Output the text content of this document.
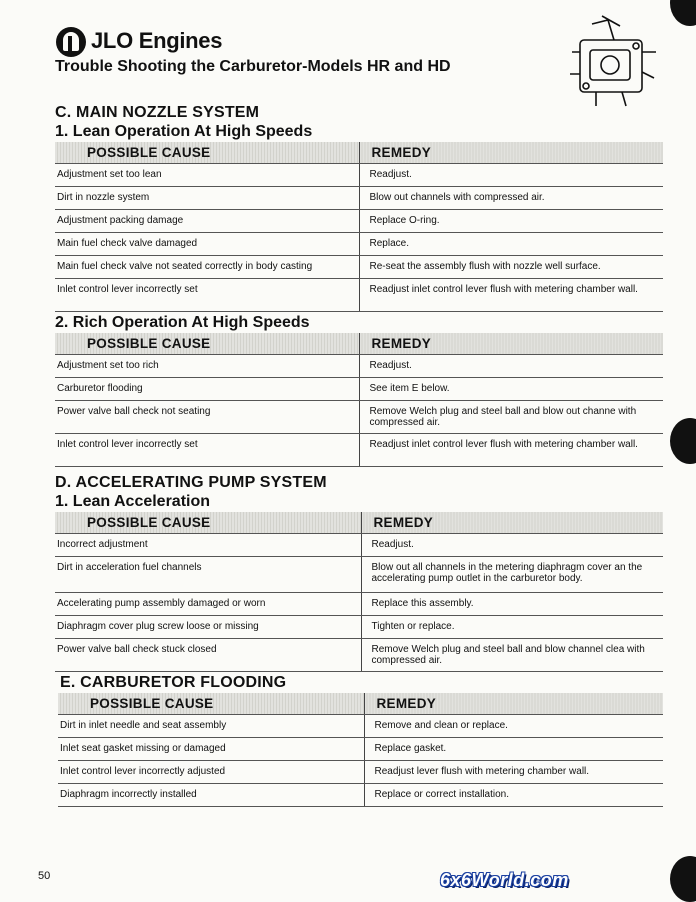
JLO Engines
Trouble Shooting the Carburetor-Models HR and HD
C. MAIN NOZZLE SYSTEM
1. Lean Operation At High Speeds
POSSIBLE CAUSE	REMEDY
Adjustment set too lean	Readjust.
Dirt in nozzle system	Blow out channels with compressed air.
Adjustment packing damage	Replace O-ring.
Main fuel check valve damaged	Replace.
Main fuel check valve not seated correctly in body casting	Re-seat the assembly flush with nozzle well surface.
Inlet control lever incorrectly set	Readjust inlet control lever flush with metering chamber wall.
2. Rich Operation At High Speeds
POSSIBLE CAUSE	REMEDY
Adjustment set too rich	Readjust.
Carburetor flooding	See item E below.
Power valve ball check not seating	Remove Welch plug and steel ball and blow out channe with compressed air.
Inlet control lever incorrectly set	Readjust inlet control lever flush with metering chamber wall.
D. ACCELERATING PUMP SYSTEM
1. Lean Acceleration
POSSIBLE CAUSE	REMEDY
Incorrect adjustment	Readjust.
Dirt in acceleration fuel channels	Blow out all channels in the metering diaphragm cover an the accelerating pump outlet in the carburetor body.
Accelerating pump assembly damaged or worn	Replace this assembly.
Diaphragm cover plug screw loose or missing	Tighten or replace.
Power valve ball check stuck closed	Remove Welch plug and steel ball and blow channel clea with compressed air.
E. CARBURETOR FLOODING
POSSIBLE CAUSE	REMEDY
Dirt in inlet needle and seat assembly	Remove and clean or replace.
Inlet seat gasket missing or damaged	Replace gasket.
Inlet control lever incorrectly adjusted	Readjust lever flush with metering chamber wall.
Diaphragm incorrectly installed	Replace or correct installation.
50	6x6World.com
